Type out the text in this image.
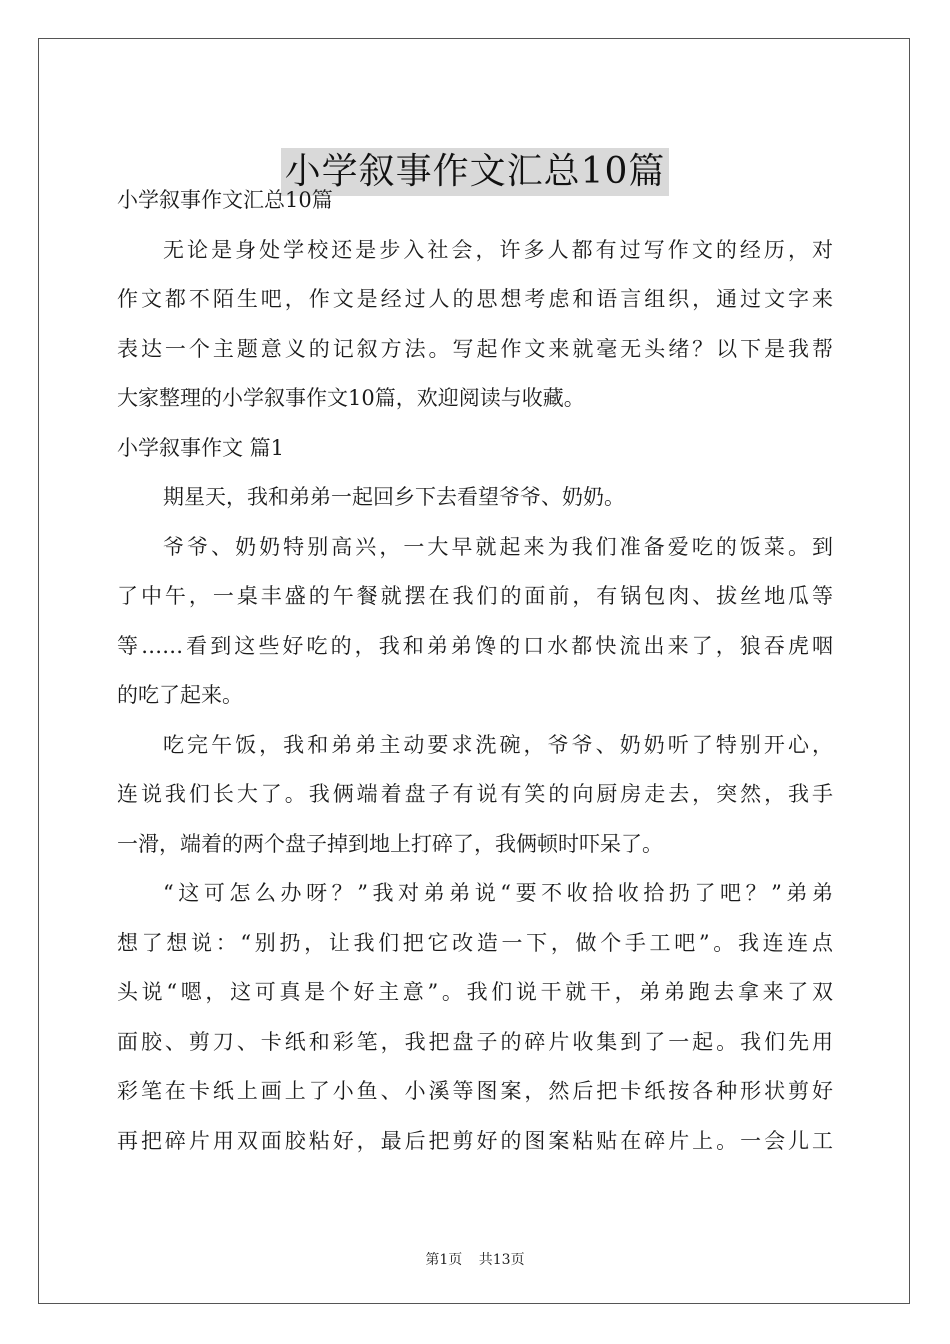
小学叙事作文汇总10篇
小学叙事作文汇总10篇
无论是身处学校还是步入社会，许多人都有过写作文的经历，对
作文都不陌生吧，作文是经过人的思想考虑和语言组织，通过文字来
表达一个主题意义的记叙方法。写起作文来就毫无头绪？以下是我帮
大家整理的小学叙事作文10篇，欢迎阅读与收藏。
小学叙事作文 篇1
期星天，我和弟弟一起回乡下去看望爷爷、奶奶。
爷爷、奶奶特别高兴，一大早就起来为我们准备爱吃的饭菜。到
了中午，一桌丰盛的午餐就摆在我们的面前，有锅包肉、拔丝地瓜等
等……看到这些好吃的，我和弟弟馋的口水都快流出来了，狼吞虎咽
的吃了起来。
吃完午饭，我和弟弟主动要求洗碗，爷爷、奶奶听了特别开心，
连说我们长大了。我俩端着盘子有说有笑的向厨房走去，突然，我手
一滑，端着的两个盘子掉到地上打碎了，我俩顿时吓呆了。
“这可怎么办呀？”我对弟弟说“要不收拾收拾扔了吧？”弟弟
想了想说：“别扔，让我们把它改造一下，做个手工吧”。我连连点
头说“嗯，这可真是个好主意”。我们说干就干，弟弟跑去拿来了双
面胶、剪刀、卡纸和彩笔，我把盘子的碎片收集到了一起。我们先用
彩笔在卡纸上画上了小鱼、小溪等图案，然后把卡纸按各种形状剪好
再把碎片用双面胶粘好，最后把剪好的图案粘贴在碎片上。一会儿工
第1页 共13页
